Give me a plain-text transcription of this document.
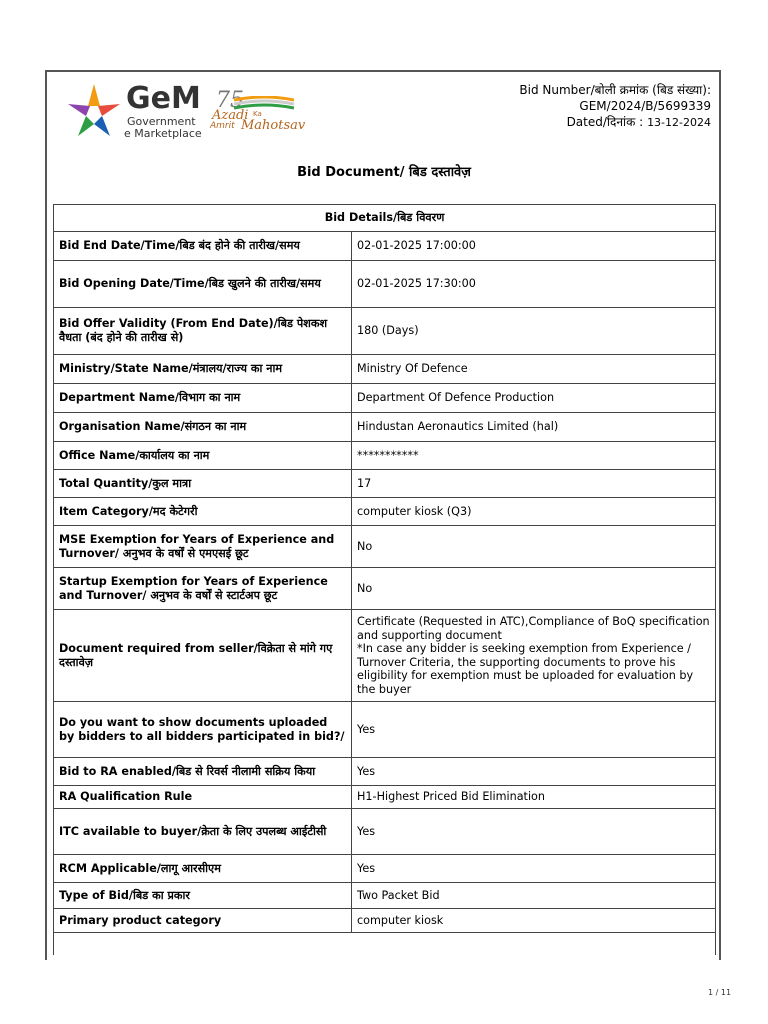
GeM
Government
e Marketplace
75
Azadi Ka
Amrit Mahotsav
Bid Number/बोली क्रमांक (बिड संख्या):
GEM/2024/B/5699339
Dated/दिनांक : 13-12-2024
Bid Document/ बिड दस्तावेज़
Bid Details/बिड विवरण	
Bid End Date/Time/बिड बंद होने की तारीख/समय	02-01-2025 17:00:00
Bid Opening Date/Time/बिड खुलने की तारीख/समय	02-01-2025 17:30:00
Bid Offer Validity (From End Date)/बिड पेशकश वैधता (बंद होने की तारीख से)	180 (Days)
Ministry/State Name/मंत्रालय/राज्य का नाम	Ministry Of Defence
Department Name/विभाग का नाम	Department Of Defence Production
Organisation Name/संगठन का नाम	Hindustan Aeronautics Limited (hal)
Office Name/कार्यालय का नाम	***********
Total Quantity/कुल मात्रा	17
Item Category/मद केटेगरी	computer kiosk (Q3)
MSE Exemption for Years of Experience and Turnover/ अनुभव के वर्षों से एमएसई छूट	No
Startup Exemption for Years of Experience and Turnover/ अनुभव के वर्षों से स्टार्टअप छूट	No
Document required from seller/विक्रेता से मांगे गए दस्तावेज़	Certificate (Requested in ATC),Compliance of BoQ specification and supporting document
*In case any bidder is seeking exemption from Experience / Turnover Criteria, the supporting documents to prove his eligibility for exemption must be uploaded for evaluation by the buyer
Do you want to show documents uploaded by bidders to all bidders participated in bid?/	Yes
Bid to RA enabled/बिड से रिवर्स नीलामी सक्रिय किया	Yes
RA Qualification Rule	H1-Highest Priced Bid Elimination
ITC available to buyer/क्रेता के लिए उपलब्ध आईटीसी	Yes
RCM Applicable/लागू आरसीएम	Yes
Type of Bid/बिड का प्रकार	Two Packet Bid
Primary product category	computer kiosk

1 / 11
